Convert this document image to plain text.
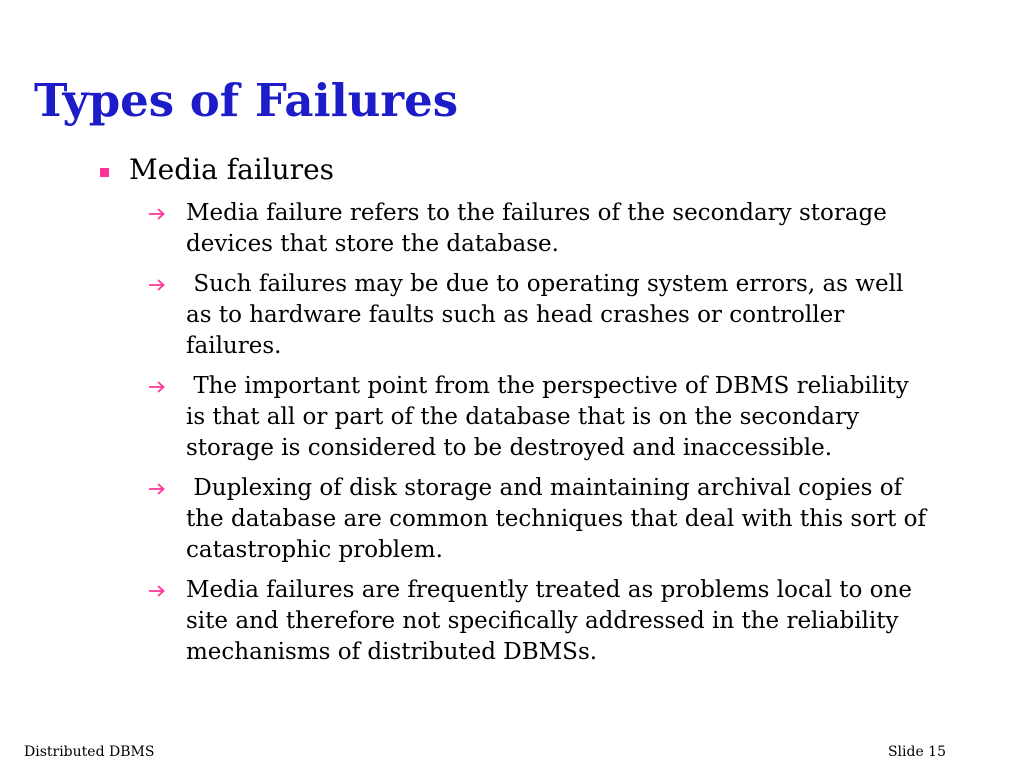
Types of Failures
Media failures
Media failure refers to the failures of the secondary storage devices that store the database.
Such failures may be due to operating system errors, as well as to hardware faults such as head crashes or controller failures.
The important point from the perspective of DBMS reliability is that all or part of the database that is on the secondary storage is considered to be destroyed and inaccessible.
Duplexing of disk storage and maintaining archival copies of the database are common techniques that deal with this sort of catastrophic problem.
Media failures are frequently treated as problems local to one site and therefore not specifically addressed in the reliability mechanisms of distributed DBMSs.
Distributed DBMS	Slide 15
